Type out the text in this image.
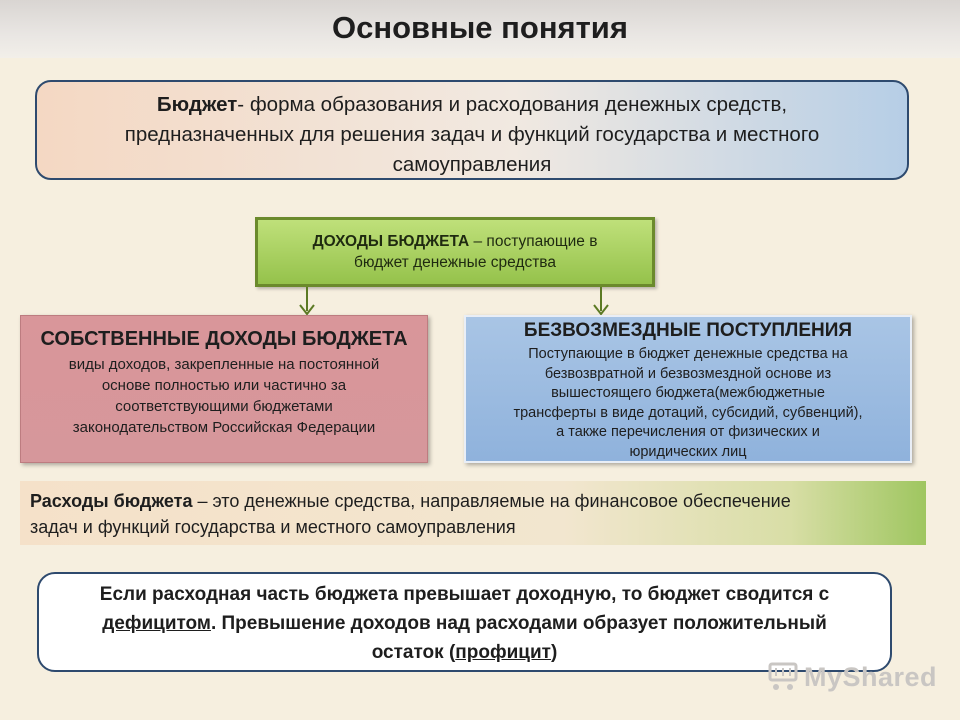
Основные понятия
Бюджет- форма образования и расходования денежных средств,
предназначенных для решения задач и функций государства и местного
самоуправления
ДОХОДЫ БЮДЖЕТА – поступающие в
бюджет денежные средства
СОБСТВЕННЫЕ ДОХОДЫ БЮДЖЕТА
виды доходов, закрепленные на постоянной
основе полностью или частично за
соответствующими бюджетами
законодательством Российская Федерации
БЕЗВОЗМЕЗДНЫЕ ПОСТУПЛЕНИЯ
Поступающие в бюджет денежные средства на
безвозвратной и безвозмездной основе из
вышестоящего бюджета(межбюджетные
трансферты в виде дотаций, субсидий, субвенций),
а также перечисления от физических и
юридических лиц
Расходы бюджета – это денежные средства, направляемые на финансовое обеспечение
задач и функций государства и местного самоуправления
Если расходная часть бюджета превышает доходную, то бюджет сводится с
дефицитом. Превышение доходов над расходами образует положительный
остаток (профицит)
MyShared
